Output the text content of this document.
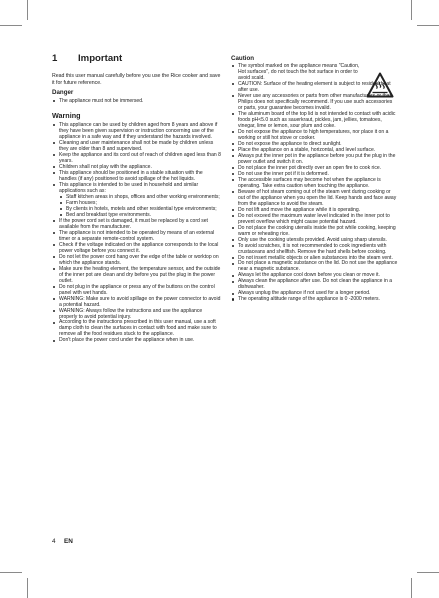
1 Important
Read this user manual carefully before you use the Rice cooker and save it for future reference.
Danger
The appliance must not be immersed.
Warning
This appliance can be used by children aged from 8 years and above if they have been given supervision or instruction concerning use of the appliance in a safe way and if they understand the hazards involved.
Cleaning and user maintenance shall not be made by children unless they are older than 8 and supervised.
Keep the appliance and its cord out of reach of children aged less than 8 years.
Children shall not play with the appliance.
This appliance should be positioned in a stable situation with the handles (if any) positioned to avoid spillage of the hot liquids.
This appliance is intended to be used in household and similar applications such as:
Staff kitchen areas in shops, offices and other working environments;
Farm houses;
By clients in hotels, motels and other residential type environments;
Bed and breakfast type environments.
If the power cord set is damaged, it must be replaced by a cord set available from the manufacturer.
The appliance is not intended to be operated by means of an external timer or a separate remote-control system.
Check if the voltage indicated on the appliance corresponds to the local power voltage before you connect it.
Do not let the power cord hang over the edge of the table or worktop on which the appliance stands.
Make sure the heating element, the temperature sensor, and the outside of the inner pot are clean and dry before you put the plug in the power outlet.
Do not plug in the appliance or press any of the buttons on the control panel with wet hands.
WARNING: Make sure to avoid spillage on the power connector to avoid a potential hazard.
WARNING: Always follow the instructions and use the appliance properly to avoid potential injury.
According to the instructions prescribed in this user manual, use a soft damp cloth to clean the surfaces in contact with food and make sure to remove all the food residues stuck to the appliance.
Don't place the power cord under the appliance when in use.
Caution
The symbol marked on the appliance means "Caution, Hot surfaces", do not touch the hot surface in order to avoid scald.
CAUTION: Surface of the heating element is subject to residual heat after use.
Never use any accessories or parts from other manufacturers or that Philips does not specifically recommend. If you use such accessories or parts, your guarantee becomes invalid.
The aluminum board of the top lid is not intended to contact with acidic foods pH<5.0 such as sauerkraut, pickles, jam, jellies, tomatoes, vinegar, lime or lemon, sour plum and coke.
Do not expose the appliance to high temperatures, nor place it on a working or still hot stove or cooker.
Do not expose the appliance to direct sunlight.
Place the appliance on a stable, horizontal, and level surface.
Always put the inner pot in the appliance before you put the plug in the power outlet and switch it on.
Do not place the inner pot directly over an open fire to cook rice.
Do not use the inner pot if it is deformed.
The accessible surfaces may become hot when the appliance is operating. Take extra caution when touching the appliance.
Beware of hot steam coming out of the steam vent during cooking or out of the appliance when you open the lid. Keep hands and face away from the appliance to avoid the steam.
Do not lift and move the appliance while it is operating.
Do not exceed the maximum water level indicated in the inner pot to prevent overflow which might cause potential hazard.
Do not place the cooking utensils inside the pot while cooking, keeping warm or reheating rice.
Only use the cooking utensils provided. Avoid using sharp utensils.
To avoid scratches, it is not recommended to cook ingredients with crustaceans and shellfish. Remove the hard shells before cooking.
Do not insert metallic objects or alien substances into the steam vent.
Do not place a magnetic substance on the lid. Do not use the appliance near a magnetic substance.
Always let the appliance cool down before you clean or move it.
Always clean the appliance after use. Do not clean the appliance in a dishwasher.
Always unplug the appliance if not used for a longer period.
The operating altitude range of the appliance is 0 -2000 meters.
4 EN
